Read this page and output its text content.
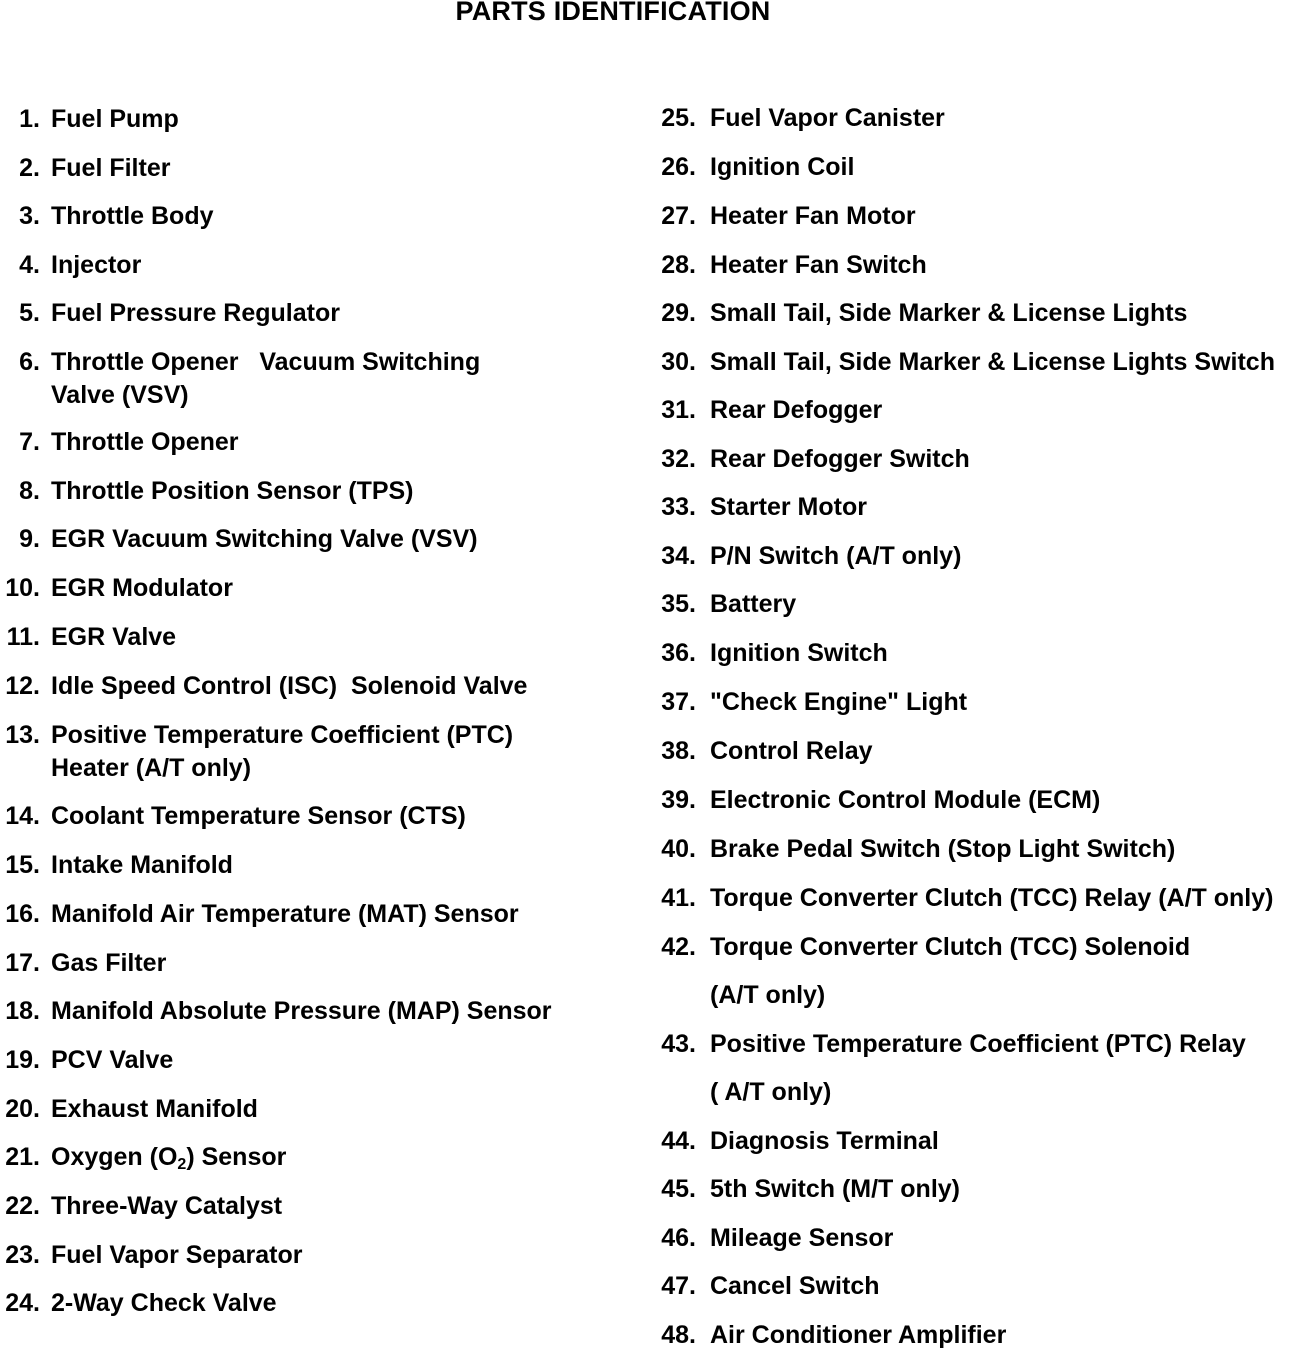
PARTS IDENTIFICATION
1. Fuel Pump
2. Fuel Filter
3. Throttle Body
4. Injector
5. Fuel Pressure Regulator
6. Throttle Opener   Vacuum Switching
Valve (VSV)
7. Throttle Opener
8. Throttle Position Sensor (TPS)
9. EGR Vacuum Switching Valve (VSV)
10. EGR Modulator
11. EGR Valve
12. Idle Speed Control (ISC)  Solenoid Valve
13. Positive Temperature Coefficient (PTC)
Heater (A/T only)
14. Coolant Temperature Sensor (CTS)
15. Intake Manifold
16. Manifold Air Temperature (MAT) Sensor
17. Gas Filter
18. Manifold Absolute Pressure (MAP) Sensor
19. PCV Valve
20. Exhaust Manifold
21. Oxygen $(O_2)$ Sensor
22. Three-Way Catalyst
23. Fuel Vapor Separator
24. 2-Way Check Valve
25. Fuel Vapor Canister
26. Ignition Coil
27. Heater Fan Motor
28. Heater Fan Switch
29. Small Tail, Side Marker & License Lights
30. Small Tail, Side Marker & License Lights Switch
31. Rear Defogger
32. Rear Defogger Switch
33. Starter Motor
34. P/N Switch (A/T only)
35. Battery
36. Ignition Switch
37. "Check Engine" Light
38. Control Relay
39. Electronic Control Module (ECM)
40. Brake Pedal Switch (Stop Light Switch)
41. Torque Converter Clutch (TCC) Relay (A/T only)
42. Torque Converter Clutch (TCC) Solenoid
(A/T only)
43. Positive Temperature Coefficient (PTC) Relay
( A/T only)
44. Diagnosis Terminal
45. 5th Switch (M/T only)
46. Mileage Sensor
47. Cancel Switch
48. Air Conditioner Amplifier
